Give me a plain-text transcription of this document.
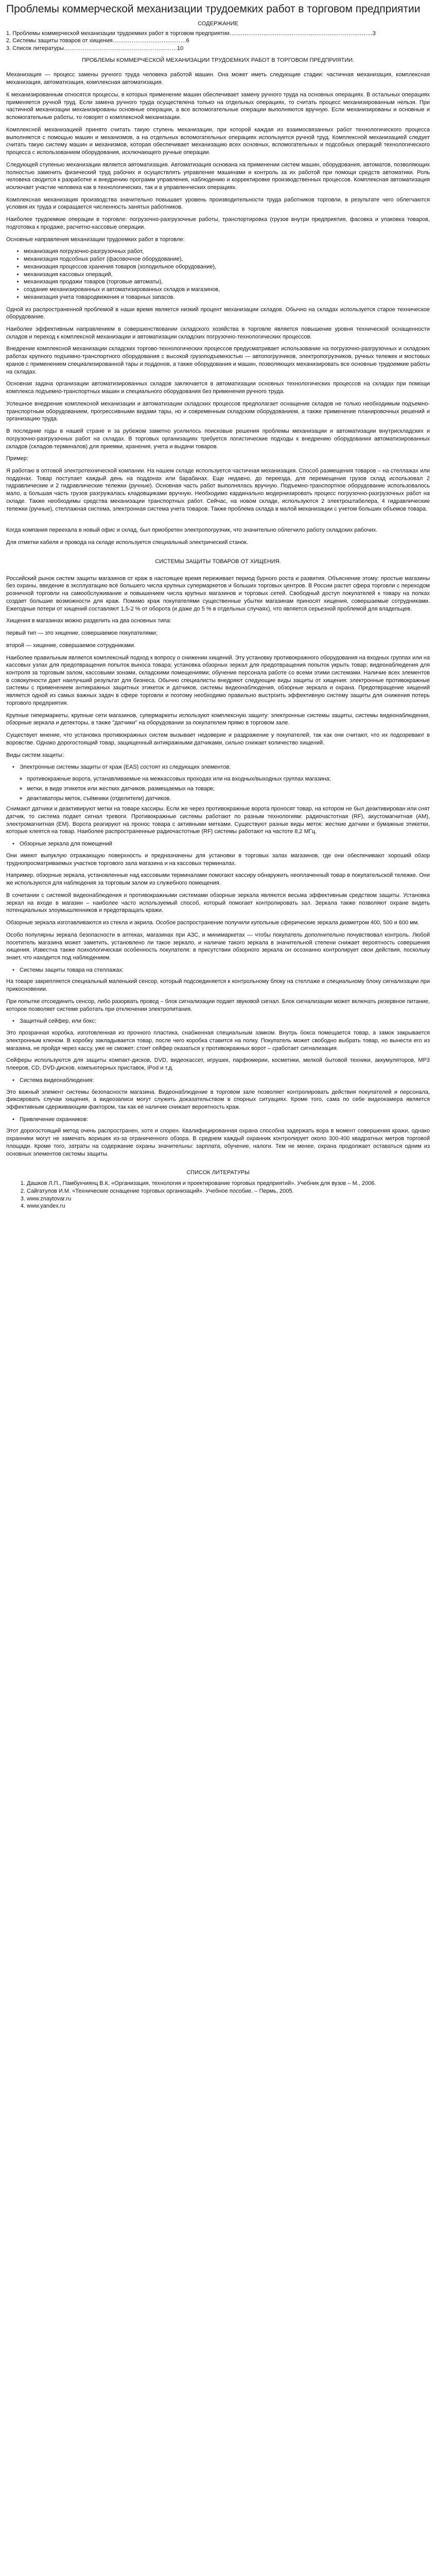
Проблемы коммерческой механизации трудоемких работ в торговом предприятии
СОДЕРЖАНИЕ

1. Проблемы коммерческой механизации трудоемких работ в торговом предприятии………………………………………………………………….3

2. Системы защиты товаров от хищения…………………………………6

3. Список литературы……………………………………………………10

ПРОБЛЕМЫ КОММЕРЧЕСКОЙ МЕХАНИЗАЦИИ ТРУДОЕМКИХ РАБОТ В ТОРГОВОМ ПРЕДПРИЯТИИ.

Механизация — процесс замены ручного труда человека работой машин. Она может иметь следующие стадии: частичная механизация, комплексная механизация, автоматизация, комплексная автоматизация.

К механизированным относятся процессы, в которых применение машин обеспечивает замену ручного труда на основных операциях. В остальных операциях применяется ручной труд. Если замена ручного труда осуществлена только на отдельных операциях, то считать процесс механизированным нельзя. При частичной механизации механизированы основные операции, а все вспомогательные операции выполняются вручную. Если механизированы и основные и вспомогательные работы, то говорят о комплексной механизации.

Комплексной механизацией принято считать такую ступень механизации, при которой каждая из взаимосвязанных работ технологического процесса выполняется с помощью машин и механизмов, а на отдельных вспомогательных операциях используется ручной труд. Комплексной механизацией следует считать такую систему машин и механизмов, которая обеспечивает механизацию всех основных, вспомогательных и подсобных операций технологического процесса с использованием оборудования, исключающего ручные операции.

Следующей ступенью механизации является автоматизация. Автоматизация основана на применении систем машин, оборудования, автоматов, позволяющих полностью заменить физический труд рабочих и осуществлять управление машинами и контроль за их работой при помощи средств автоматики. Роль человека сводится к разработке и внедрению программ управления, наблюдению и корректировке производственных процессов. Комплексная автоматизация исключает участие человека как в технологических, так и в управленческих операциях.

Комплексная механизация производства значительно повышает уровень производительности труда работников торговли, в результате чего облегчаются условия их труда и сокращается численность занятых работников.

Наиболее трудоемкие операции в торговле: погрузочно-разгрузочные работы, транспортировка (грузов внутри предприятия, фасовка и упаковка товаров, подготовка к продаже, расчетно-кассовые операции.

Основные направления механизации трудоемких работ в торговле:

• механизация погрузочно-разгрузочных работ,
• механизация подсобных работ (фасовочное оборудование),
• механизация процессов хранения товаров (холодильное оборудование),
• механизация кассовых операций,
• механизация продажи товаров (торговые автоматы),
• создание механизированных и автоматизированных складов и магазинов,
• механизация учета товародвижения и товарных запасов.

Одной из распространенной проблемой в наши время является низкий процент механизации складов. Обычно на складах используется старое техническое оборудование.

Наиболее эффективным направлением в совершенствовании складского хозяйства в торговле является повышение уровня технической оснащенности складов и переход к комплексной механизации и автоматизации складских погрузочно-технологических процессов.

Внедрение комплексной механизации складских торгово-технологических процессов предусматривает использование на погрузочно-разгрузочных и складских работах крупного подъемно-транспортного оборудования с высокой грузоподъемностью — автопогрузчиков, электропогрузчиков, ручных тележек и мостовых кранов с применением специализированной тары и поддонов, а также оборудования и машин, позволяющих механизировать все основные трудоемкие работы на складах.

Основная задача организации автоматизированных складов заключается в автоматизации основных технологических процессов на складах при помощи комплекса подъемно-транспортных машин и специального оборудования без применения ручного труда.

Успешное внедрение комплексной механизации и автоматизации складских процессов предполагает оснащение складов не только необходимым подъемно-транспортным оборудованием, прогрессивными видами тары, но и современным складским оборудованием, а также применение планировочных решений и организацию труда.

В последние годы в нашей стране и за рубежом заметно усилилось поисковые решения проблемы механизации и автоматизации внутрискладских и погрузочно-разгрузочных работ на складах. В торговых организациях требуется логистические подходы к внедрению оборудования автоматизированных складов (складов-терминалов) для приемки, хранения, учета и выдачи товаров.

Пример:

Я работаю в оптовой электротехнической компании. На нашем складе используется частичная механизация. Способ размещения товаров – на стеллажах или поддонах. Товар поступает каждый день на поддонах или барабанах. Еще недавно, до переезда, для перемещения грузов склад использовал 2 гидравлические и 2 гидравлические тележки (ручные). Основная часть работ выполнялась вручную. Подъемно-транспортное оборудование использовалось мало, а большая часть грузов разгружалась кладовщиками вручную. Необходимо кардинально модернизировать процесс погрузочно-разгрузочных работ на складе. Также необходимы средства механизации транспортных работ. Сейчас, на новом складе, используются 2 электроштабелера, 4 гидравлические тележки (ручные), стеллажная система, электронная система учета товаров. Также проблема склада в малой механизации с учетом больших объемов товара.

Когда компания переехала в новый офис и склад, был приобретен электропогрузчик, что значительно облегчило работу складских рабочих.

Для отметки кабеля и провода на складе используется специальный электрический станок.

СИСТЕМЫ ЗАЩИТЫ ТОВАРОВ ОТ ХИЩЕНИЯ.

Российский рынок систем защиты магазинов от краж в настоящее время переживает период бурного роста и развития. Объяснение этому: простые магазины без охраны, введение в эксплуатацию всё большего числа крупных супермаркетов и больших торговых центров. В России растет сфера торговли с переходом розничной торговли на самообслуживание и повышением числа крупных магазинов и торговых сетей. Свободный доступ покупателей к товару на полках создает большие возможности для краж. Помимо краж покупателями существенные убытки магазинам приносят хищения, совершаемые сотрудниками. Ежегодные потери от хищений составляют 1,5-2 % от оборота (и даже до 5 % в отдельных случаях), что является серьезной проблемой для владельцев.

Хищения в магазинах можно разделить на два основных типа:

первый тип — это хищение, совершаемое покупателями;

второй — хищение, совершаемое сотрудниками.

Наиболее правильным является комплексный подход к вопросу о снижении хищений. Эту установку противокражного оборудования на входных группах или на кассовых узлах для предотвращения попыток выноса товара; установка обзорных зеркал для предотвращения попыток укрыть товар; видеонаблюдения для контроля за торговым залом, кассовыми зонами, складскими помещениями; обучение персонала работе со всеми этими системами. Наличие всех элементов в совокупности дает наилучший результат для бизнеса. Обычно специалисты внедряют следующие виды защиты от хищения: электронные противокражные системы с применением антикражных защитных этикеток и датчиков, системы видеонаблюдения, обзорные зеркала и охрана. Предотвращение хищений является одной из самых важных задач в сфере торговли и поэтому необходимо правильно выстроить эффективную систему защиты для снижения потерь торгового предприятия.

Крупные гипермаркеты, крупные сети магазинов, супермаркеты используют комплексную защиту: электронные системы защиты, системы видеонаблюдения, обзорные зеркала и детекторы, а также "датчики" на оборудовании за покупателем прямо в торговом зале.

Существует мнение, что установка противокражных систем вызывает недоверие и раздражение у покупателей, так как они считают, что их подозревают в воровстве. Однако дорогостоящий товар, защищенный антикражными датчиками, сильно снижает количество хищений.

Виды систем защиты:

• Электронные системы защиты от краж (EAS) состоят из следующих элементов:
◦ противокражные ворота, устанавливаемые на межкассовых проходах или на входных/выходных группах магазина;
◦ метки, в виде этикеток или жестких датчиков, размещаемых на товаре;
◦ деактиваторы меток, съёмники (отделители) датчиков.

Снимают датчики и деактивируют метки на товаре кассиры. Если же через противокражные ворота проносят товар, на котором не был деактивирован или снят датчик, то система подает сигнал тревоги. Противокражные системы работают по разным технологиям: радиочастотная (RF), акустомагнитная (AM), электромагнитная (EM). Ворота реагируют на пронос товара с активными метками. Существуют разные виды меток: жесткие датчики и бумажные этикетки, которые клеятся на товар. Наиболее распространенные радиочастотные (RF) системы работают на частоте 8,2 МГц.

• Обзорные зеркала для помещений

Они имеют выпуклую отражающую поверхность и предназначены для установки в торговых залах магазинов, где они обеспечивают хороший обзор труднопросматриваемых участков торгового зала магазина и на кассовых терминалах.

Например, обзорные зеркала, установленные над кассовыми терминалами помогают кассиру обнаружить неоплаченный товар в покупательской тележке. Они же используются для наблюдения за торговым залом из служебного помещения.

В сочетании с системой видеонаблюдения и противокражными системами обзорные зеркала являются весьма эффективным средством защиты. Установка зеркал на входе в магазин – наиболее часто используемый способ, который помогает контролировать зал. Зеркала также позволяют охране видеть потенциальных злоумышленников и предотвращать кражи.

Обзорные зеркала изготавливаются из стекла и акрила. Особое распространение получили купольные сферические зеркала диаметром 400, 500 и 600 мм.

Особо популярны зеркала безопасности в аптеках, магазинах при АЗС, и минимаркетах — чтобы покупатель дополнительно почувствовал контроль. Любой посетитель магазина может заметить, установлено ли такое зеркало, и наличие такого зеркала в значительной степени снижает вероятность совершения хищения. Известна также психологическая особенность покупателя: в присутствии обзорного зеркала он осознанно контролирует свои действия, поскольку знает, что находится под наблюдением.

• Системы защиты товара на стеллажах:

На товаре закрепляется специальный маленький сенсор, который подсоединяется к контрольному блоку на стеллаже и специальному блоку сигнализации при прикосновении.

При попытке отсоединить сенсор, либо разорвать провод – блок сигнализации подает звуковой сигнал. Блок сигнализации может включать резервное питание, которое позволяет системе работать при отключении электропитания.

• Защитный сейфер, или бокс:

Это прозрачная коробка, изготовленная из прочного пластика, снабженная специальным замком. Внутрь бокса помещается товар, а замок закрывается электронным ключом. В коробку закладывается товар, после чего коробка ставится на полку. Покупатель может свободно выбрать товар, но вынести его из магазина, не пройдя через кассу, уже не сможет: стоит сейфер оказаться у противокражных ворот – сработает сигнализация.

Сейферы используются для защиты компакт-дисков, DVD, видеокассет, игрушек, парфюмерии, косметики, мелкой бытовой техники, аккумуляторов, MP3 плееров, CD, DVD-дисков, компьютерных приставок, iPod и т.д.

• Система видеонаблюдения:

Это важный элемент системы безопасности магазина. Видеонаблюдение в торговом зале позволяет контролировать действия покупателей и персонала, фиксировать случаи хищения, а видеозаписи могут служить доказательством в спорных ситуациях. Кроме того, сама по себе видеокамера является эффективным сдерживающим фактором, так как её наличие снижает вероятность краж.

• Привлечение охранников:

Этот дорогостоящий метод очень распространен, хотя и спорен. Квалифицированная охрана способна задержать вора в момент совершения кражи, однако охранники могут не замечать воришек из-за ограниченного обзора. В среднем каждый охранник контролирует около 300-400 квадратных метров торговой площади. Кроме того, затраты на содержание охраны значительны: зарплата, обучение, налоги. Тем не менее, охрана продолжает оставаться одним из основных элементов системы защиты.

СПИСОК ЛИТЕРАТУРЫ
1. Дашков Л.П., Памбухчиянц В.К. «Организация, технология и проектирование торговых предприятий». Учебник для вузов – М., 2006.
2. Сайгатулов И.М. «Технические оснащение торговых организаций». Учебное пособие. – Пермь, 2005.
3. www.znaytovar.ru
4. www.yandex.ru
